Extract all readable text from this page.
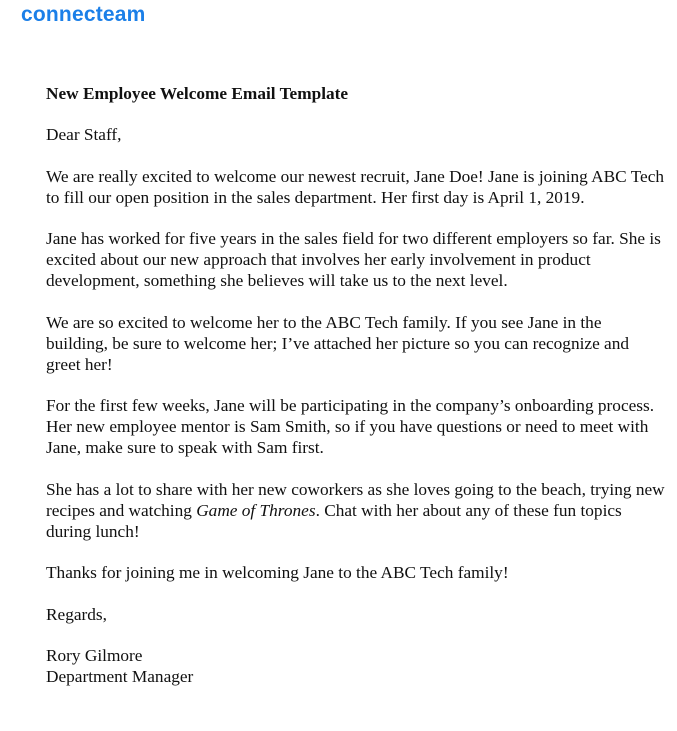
connecteam
New Employee Welcome Email Template
Dear Staff,
We are really excited to welcome our newest recruit, Jane Doe! Jane is joining ABC Tech
to fill our open position in the sales department. Her first day is April 1, 2019.
Jane has worked for five years in the sales field for two different employers so far. She is
excited about our new approach that involves her early involvement in product
development, something she believes will take us to the next level.
We are so excited to welcome her to the ABC Tech family. If you see Jane in the
building, be sure to welcome her; I’ve attached her picture so you can recognize and
greet her!
For the first few weeks, Jane will be participating in the company’s onboarding process.
Her new employee mentor is Sam Smith, so if you have questions or need to meet with
Jane, make sure to speak with Sam first.
She has a lot to share with her new coworkers as she loves going to the beach, trying new
recipes and watching Game of Thrones. Chat with her about any of these fun topics
during lunch!
Thanks for joining me in welcoming Jane to the ABC Tech family!
Regards,
Rory Gilmore
Department Manager
